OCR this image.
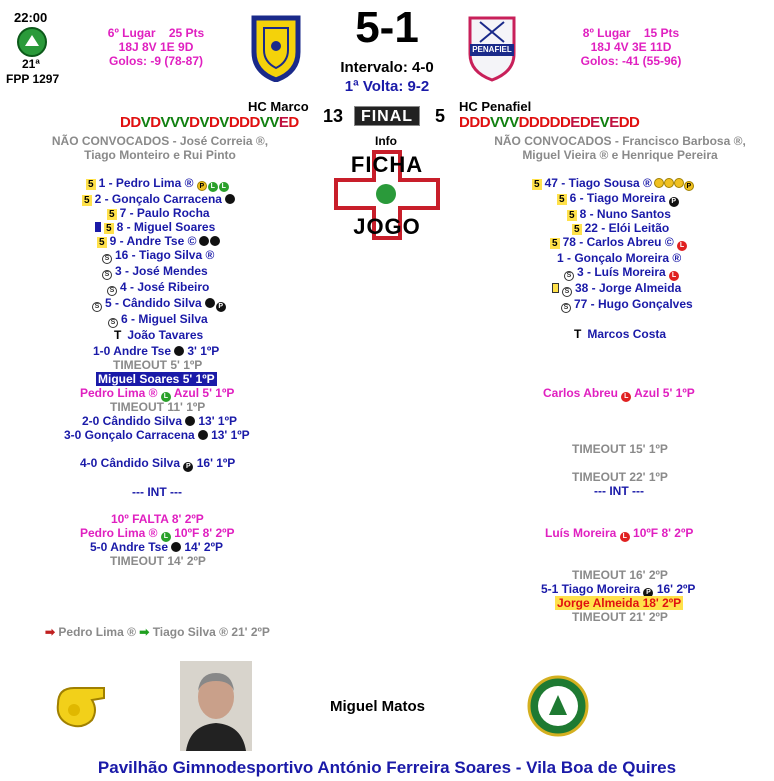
22:00
21ª
FPP 1297
6º Lugar 25 Pts
18J 8V 1E 9D
Golos: -9 (78-87)
5-1
Intervalo: 4-0
1ª Volta: 9-2
PENAFIEL
8º Lugar 15 Pts
18J 4V 3E 11D
Golos: -41 (55-96)
HC Marco	HC Penafiel
DDVDVVVDVDVDDDVVED 13	FINAL	5 DDDVVVDDDDDEDEVEDD
NÃO CONVOCADOS - José Correia ®, Tiago Monteiro e Rui Pinto
NÃO CONVOCADOS - Francisco Barbosa ®, Miguel Vieira ® e Henrique Pereira
Info
FICHA
JOGO
5 1 - Pedro Lima ® P L L
5 2 - Gonçalo Carracena
5 7 - Paulo Rocha
5 8 - Miguel Soares
5 9 - Andre Tse ©
S 16 - Tiago Silva ®
S 3 - José Mendes
S 4 - José Ribeiro
S 5 - Cândido Silva P
S 6 - Miguel Silva
T João Tavares
5 47 - Tiago Sousa ®	P
5 6 - Tiago Moreira P
5 8 - Nuno Santos
5 22 - Elói Leitão
5 78 - Carlos Abreu © L
1 - Gonçalo Moreira ®
S 3 - Luís Moreira L
S 38 - Jorge Almeida
S 77 - Hugo Gonçalves
T Marcos Costa
1-0 Andre Tse 3' 1ºP
TIMEOUT 5' 1ºP
Miguel Soares 5' 1ºP
Pedro Lima ® L Azul 5' 1ºP
TIMEOUT 11' 1ºP
2-0 Cândido Silva 13' 1ºP
3-0 Gonçalo Carracena 13' 1ºP
4-0 Cândido Silva P 16' 1ºP
--- INT ---
10º FALTA 8' 2ºP
Pedro Lima ® L 10ºF 8' 2ºP
5-0 Andre Tse 14' 2ºP
TIMEOUT 14' 2ºP
Carlos Abreu L Azul 5' 1ºP
TIMEOUT 15' 1ºP
TIMEOUT 22' 1ºP
--- INT ---
Luís Moreira L 10ºF 8' 2ºP
TIMEOUT 16' 2ºP
5-1 Tiago Moreira P 16' 2ºP
Jorge Almeida 18' 2ºP
TIMEOUT 21' 2ºP
➡ Pedro Lima ® ➡ Tiago Silva ® 21' 2ºP
Miguel Matos
Pavilhão Gimnodesportivo António Ferreira Soares - Vila Boa de Quires
